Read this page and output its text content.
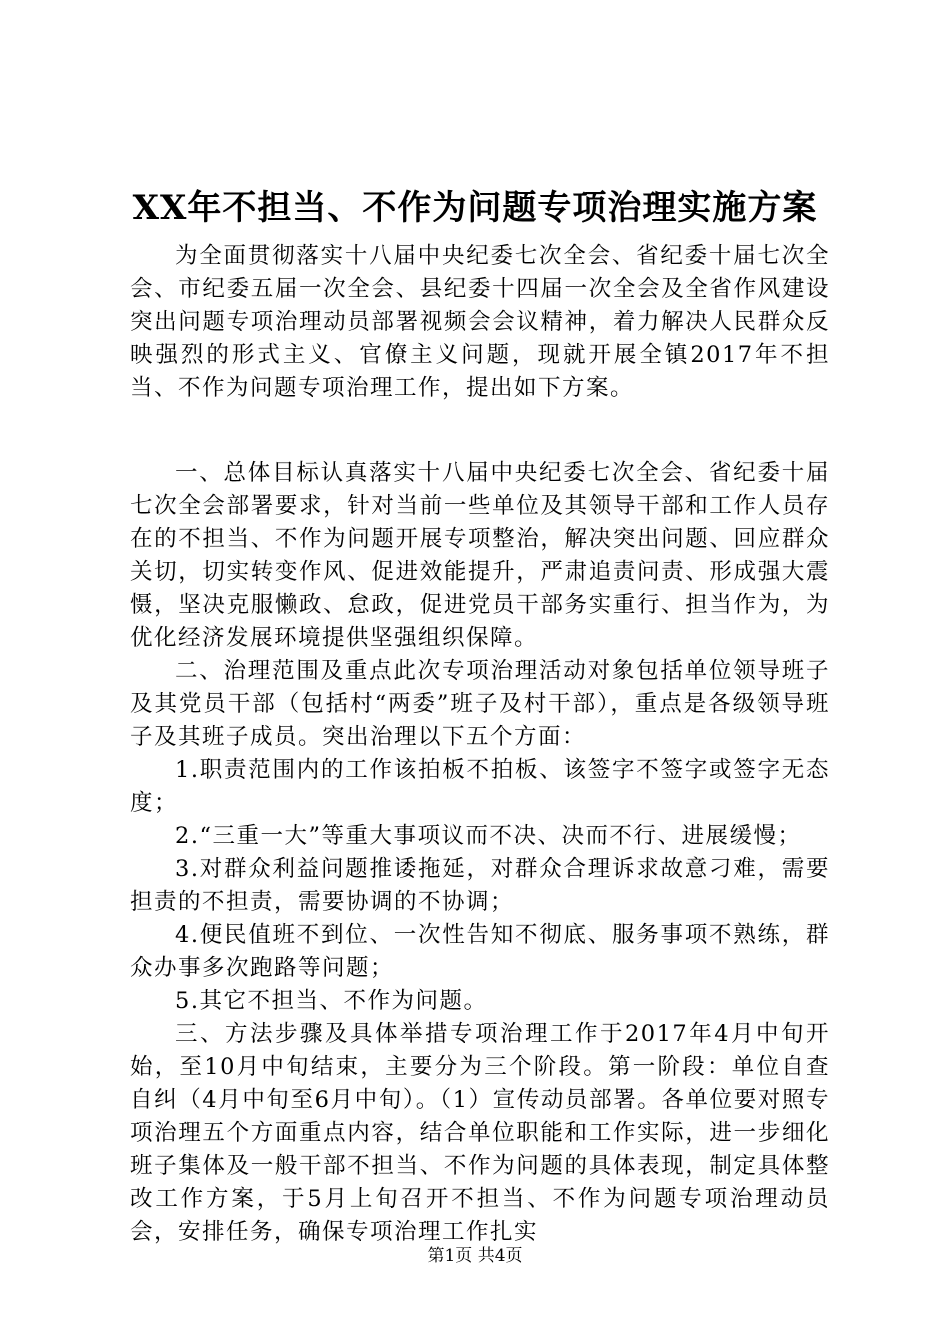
XX年不担当、不作为问题专项治理实施方案

为全面贯彻落实十八届中央纪委七次全会、省纪委十届七次全会、市纪委五届一次全会、县纪委十四届一次全会及全省作风建设突出问题专项治理动员部署视频会会议精神，着力解决人民群众反映强烈的形式主义、官僚主义问题，现就开展全镇2017年不担当、不作为问题专项治理工作，提出如下方案。

一、总体目标认真落实十八届中央纪委七次全会、省纪委十届七次全会部署要求，针对当前一些单位及其领导干部和工作人员存在的不担当、不作为问题开展专项整治，解决突出问题、回应群众关切，切实转变作风、促进效能提升，严肃追责问责、形成强大震慑，坚决克服懒政、怠政，促进党员干部务实重行、担当作为，为优化经济发展环境提供坚强组织保障。

二、治理范围及重点此次专项治理活动对象包括单位领导班子及其党员干部（包括村“两委”班子及村干部），重点是各级领导班子及其班子成员。突出治理以下五个方面：

1.职责范围内的工作该拍板不拍板、该签字不签字或签字无态度；

2.“三重一大”等重大事项议而不决、决而不行、进展缓慢；

3.对群众利益问题推诿拖延，对群众合理诉求故意刁难，需要担责的不担责，需要协调的不协调；

4.便民值班不到位、一次性告知不彻底、服务事项不熟练，群众办事多次跑路等问题；

5.其它不担当、不作为问题。

三、方法步骤及具体举措专项治理工作于2017年4月中旬开始，至10月中旬结束，主要分为三个阶段。第一阶段：单位自查自纠（4月中旬至6月中旬）。（1）宣传动员部署。各单位要对照专项治理五个方面重点内容，结合单位职能和工作实际，进一步细化班子集体及一般干部不担当、不作为问题的具体表现，制定具体整改工作方案，于5月上旬召开不担当、不作为问题专项治理动员会，安排任务，确保专项治理工作扎实

第1页 共4页
